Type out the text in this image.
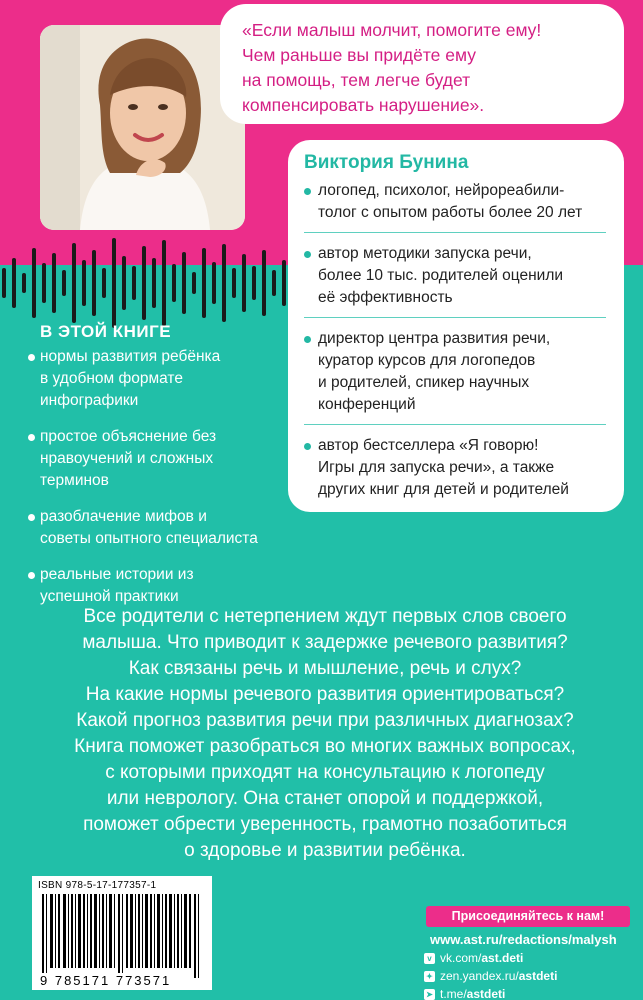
«Если малыш молчит, помогите ему!

Чем раньше вы придёте ему

на помощь, тем легче будет

компенсировать нарушение».

Виктория Бунина
логопед, психолог, нейрореабили-
толог с опытом работы более 20 лет
автор методики запуска речи,
более 10 тыс. родителей оценили
её эффективность
директор центра развития речи,
куратор курсов для логопедов
и родителей, спикер научных
конференций
автор бестселлера «Я говорю!
Игры для запуска речи», а также
других книг для детей и родителей
В ЭТОЙ КНИГЕ
нормы развития ребёнка
в удобном формате
инфографики
простое объяснение без
нравоучений и сложных
терминов
разоблачение мифов и
советы опытного специалиста
реальные истории из
успешной практики
Все родители с нетерпением ждут первых слов своего
малыша. Что приводит к задержке речевого развития?
Как связаны речь и мышление, речь и слух?
На какие нормы речевого развития ориентироваться?
Какой прогноз развития речи при различных диагнозах?
Книга поможет разобраться во многих важных вопросах,
с которыми приходят на консультацию к логопеду
или неврологу. Она станет опорой и поддержкой,
поможет обрести уверенность, грамотно позаботиться
о здоровье и развитии ребёнка.
ISBN 978-5-17-177357-1
9 785171 773571
Присоединяйтесь к нам!
www.ast.ru/redactions/malysh
v vk.com/ ast.deti
✦ zen.yandex.ru/ astdeti
➤ t.me/ astdeti
